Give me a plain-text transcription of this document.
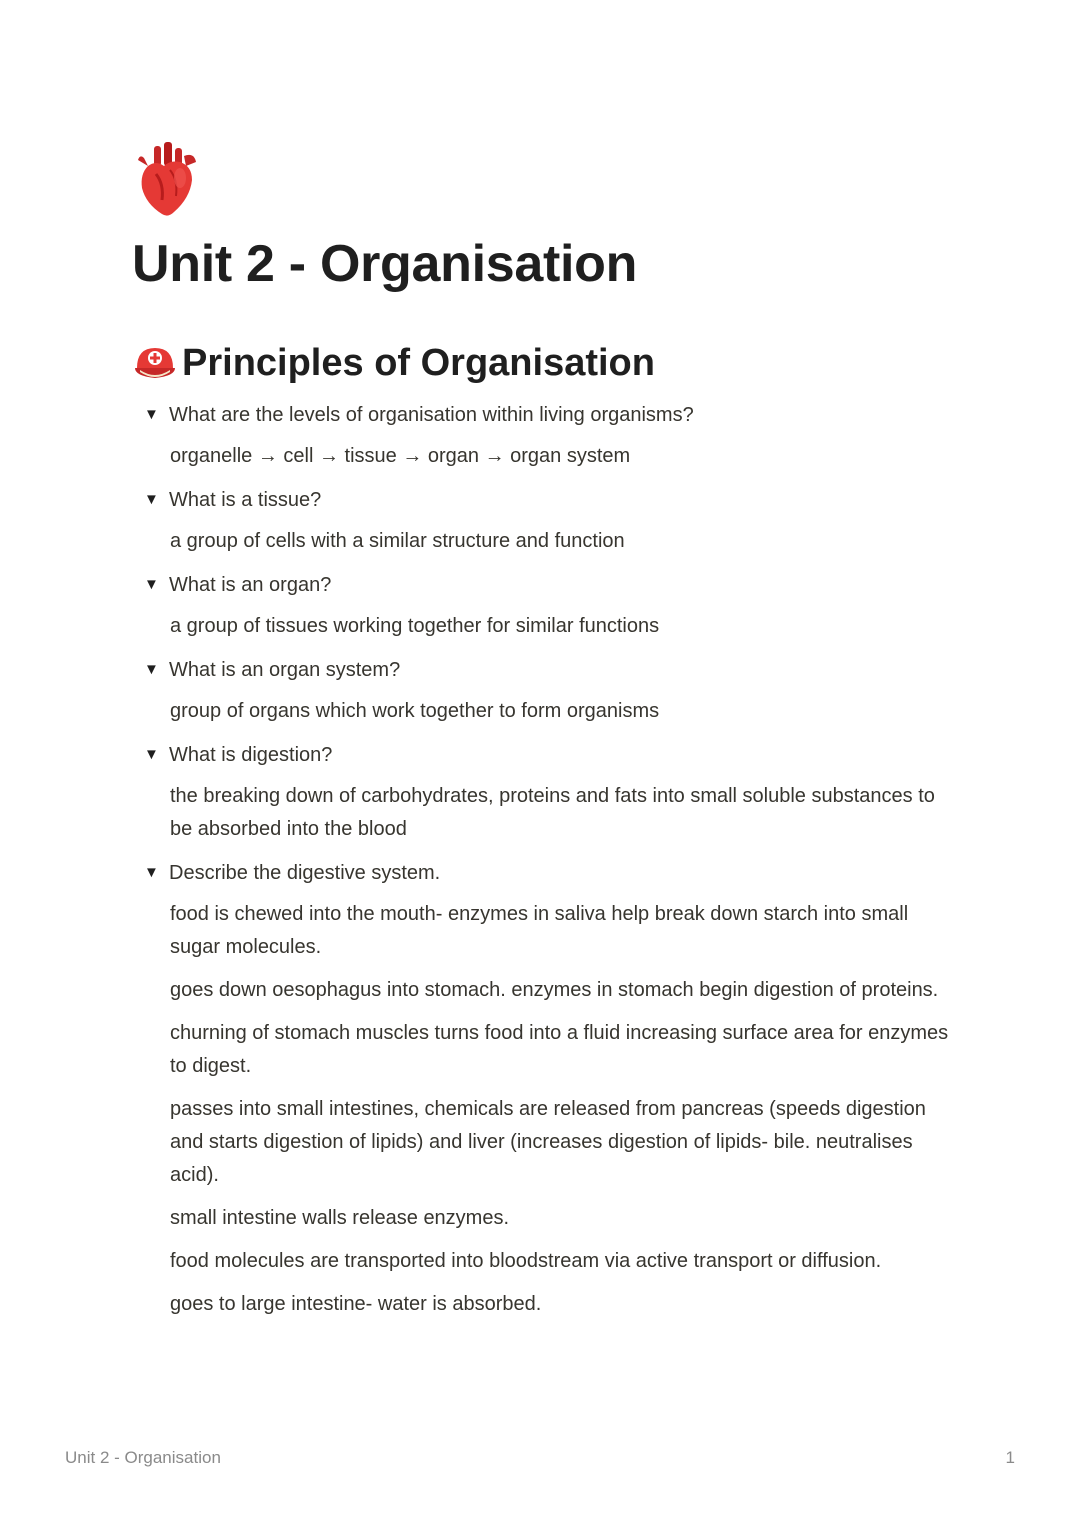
Unit 2 - Organisation
Principles of Organisation
▼ What are the levels of organisation within living organisms?

organelle → cell → tissue → organ → organ system

▼ What is a tissue?

a group of cells with a similar structure and function

▼ What is an organ?

a group of tissues working together for similar functions

▼ What is an organ system?

group of organs which work together to form organisms

▼ What is digestion?

the breaking down of carbohydrates, proteins and fats into small soluble substances to be absorbed into the blood

▼ Describe the digestive system.

food is chewed into the mouth- enzymes in saliva help break down starch into small sugar molecules.

goes down oesophagus into stomach. enzymes in stomach begin digestion of proteins.

churning of stomach muscles turns food into a fluid increasing surface area for enzymes to digest.

passes into small intestines, chemicals are released from pancreas (speeds digestion and starts digestion of lipids) and liver (increases digestion of lipids- bile. neutralises acid).

small intestine walls release enzymes.

food molecules are transported into bloodstream via active transport or diffusion.

goes to large intestine- water is absorbed.

Unit 2 - Organisation	1
